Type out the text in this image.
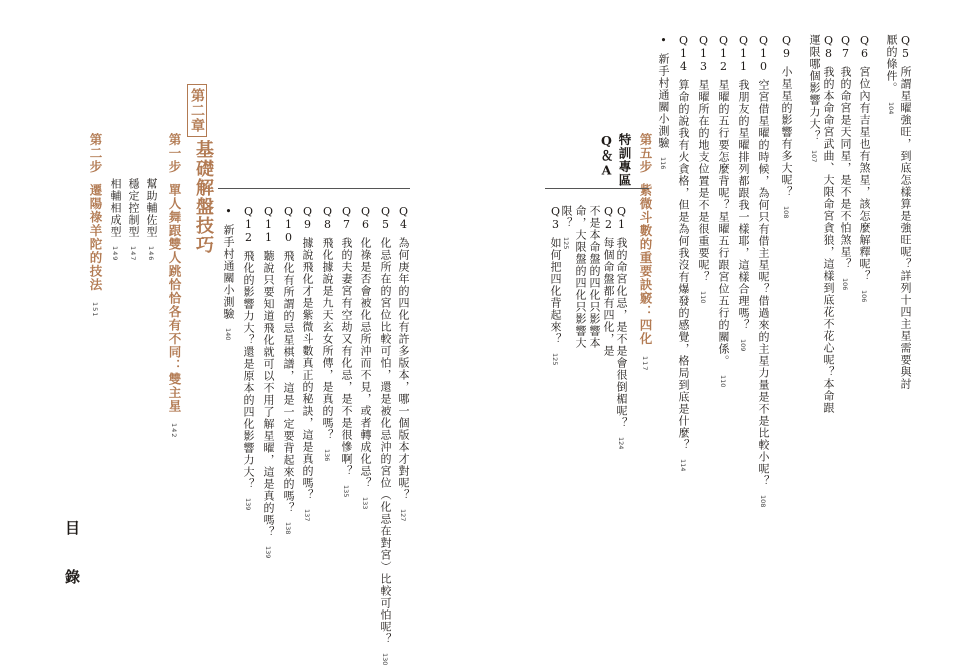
目錄
第二章
基礎解盤技巧
第一步單人舞跟雙人跳恰恰各有不同：雙主星142
幫助輔佐型146
穩定控制型147
相輔相成型149
第二步遷陽祿羊陀的技法151
Q4為何庚年的四化有許多版本，哪一個版本才對呢？127
Q5化忌所在的宮位比較可怕，還是被化忌沖的宮位（化忌在對宮）比較可怕呢？130
Q6化祿是否會被化忌所沖而不見，或者轉成化忌？133
Q7我的夫妻宮有空劫又有化忌，是不是很慘啊？135
Q8飛化據說是九天玄女所傳，是真的嗎？136
Q9據說飛化才是紫微斗數真正的秘訣，這是真的嗎？137
Q10飛化有所謂的忌星棋譜，這是一定要背起來的嗎？138
Q11聽說只要知道飛化就可以不用了解星曜，這是真的嗎？139
Q12飛化的影響力大？還是原本的四化影響力大？139
•新手村通關小測驗140
第五步紫微斗數的重要訣竅：四化117
特訓專區
Q＆A
Q1我的命宮化忌，是不是會很倒楣呢？124
Q2每個命盤都有四化，是不是本命盤的四化只影響本命，大限盤的四化只影響大限？125
Q3如何把四化背起來？125
Q5所謂星曜強旺，到底怎樣算是強旺呢？詳列十四主星需要與討厭的條件。104
Q6宮位內有吉星也有煞星，該怎麼解釋呢？106
Q7我的命宮是天同星，是不是不怕煞星？106
Q8我的本命命宮武曲、大限命宮貪狼，這樣到底花不花心呢？本命跟運限哪個影響力大？107
Q9小星星的影響有多大呢？108
Q10空宮借星曜的時候，為何只有借主星呢？借過來的主星力量是不是比較小呢？108
Q11我朋友的星曜排列都跟我一樣耶，這樣合理嗎？109
Q12星曜的五行要怎麼背呢？星曜五行跟宮位五行的關係。110
Q13星曜所在的地支位置是不是很重要呢？110
Q14算命的說我有火貪格，但是為何我沒有爆發的感覺，格局到底是什麼？114
•新手村通關小測驗116
